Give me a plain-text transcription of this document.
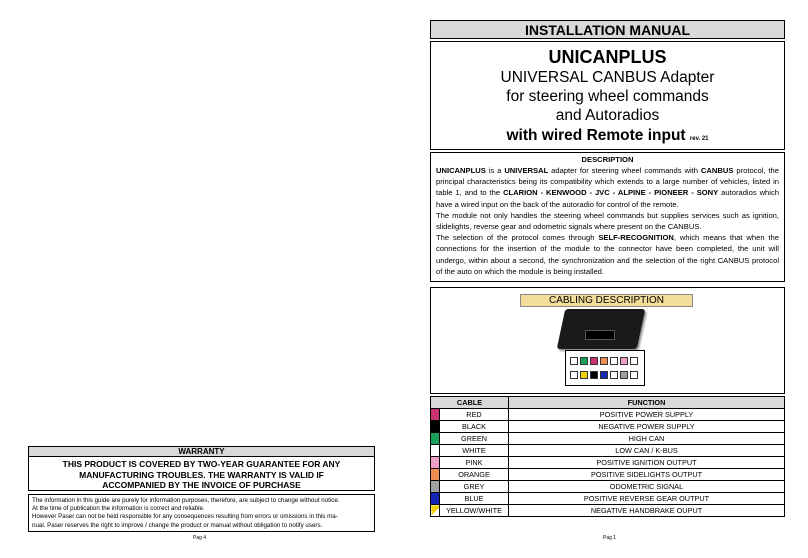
WARRANTY
THIS PRODUCT IS COVERED BY TWO-YEAR GUARANTEE FOR ANY
MANUFACTURING TROUBLES. THE WARRANTY IS VALID IF
ACCOMPANIED BY THE INVOICE OF PURCHASE
The information in this guide are purely for information purposes, therefore, are subject to change without notice.
At the time of publication the information is correct and reliable.
However Paser can not be held responsible for any consequences resulting from errors or omissions in this ma-
nual. Paser reserves the right to improve / change the product or manual without obligation to notify users.
Pag 4
INSTALLATION MANUAL
UNICANPLUS
UNIVERSAL CANBUS Adapter
for steering wheel commands
and Autoradios
with wired Remote input rev. 21
DESCRIPTION

UNICANPLUS is a UNIVERSAL adapter for steering wheel commands with CANBUS protocol, the principal characteristics being its compatibility which extends to a large number of vehicles, listed in table 1, and to the CLARION - KENWOOD - JVC - ALPINE - PIONEER - SONY autoradios which have a wired input on the back of the autoradio for control of the remote.

The module not only handles the steering wheel commands but supplies services such as ignition, slidelights, reverse gear and odometric signals where present on the CANBUS.

The selection of the protocol comes through SELF-RECOGNITION, which means that when the connections for the insertion of the module to the connector have been completed, the unit will undergo, within about a second, the synchronization and the selection of the right CANBUS protocol of the auto on which the module is being installed.

CABLING DESCRIPTION
CABLE		FUNCTION
	RED	POSITIVE POWER SUPPLY
	BLACK	NEGATIVE POWER SUPPLY
	GREEN	HIGH CAN
	WHITE	LOW CAN / K-BUS
	PINK	POSITIVE IGNITION OUTPUT
	ORANGE	POSITIVE SIDELIGHTS OUTPUT
	GREY	ODOMETRIC SIGNAL
	BLUE	POSITIVE REVERSE GEAR OUTPUT
	YELLOW/WHITE	NEGATIVE HANDBRAKE OUPUT
Pag 1
